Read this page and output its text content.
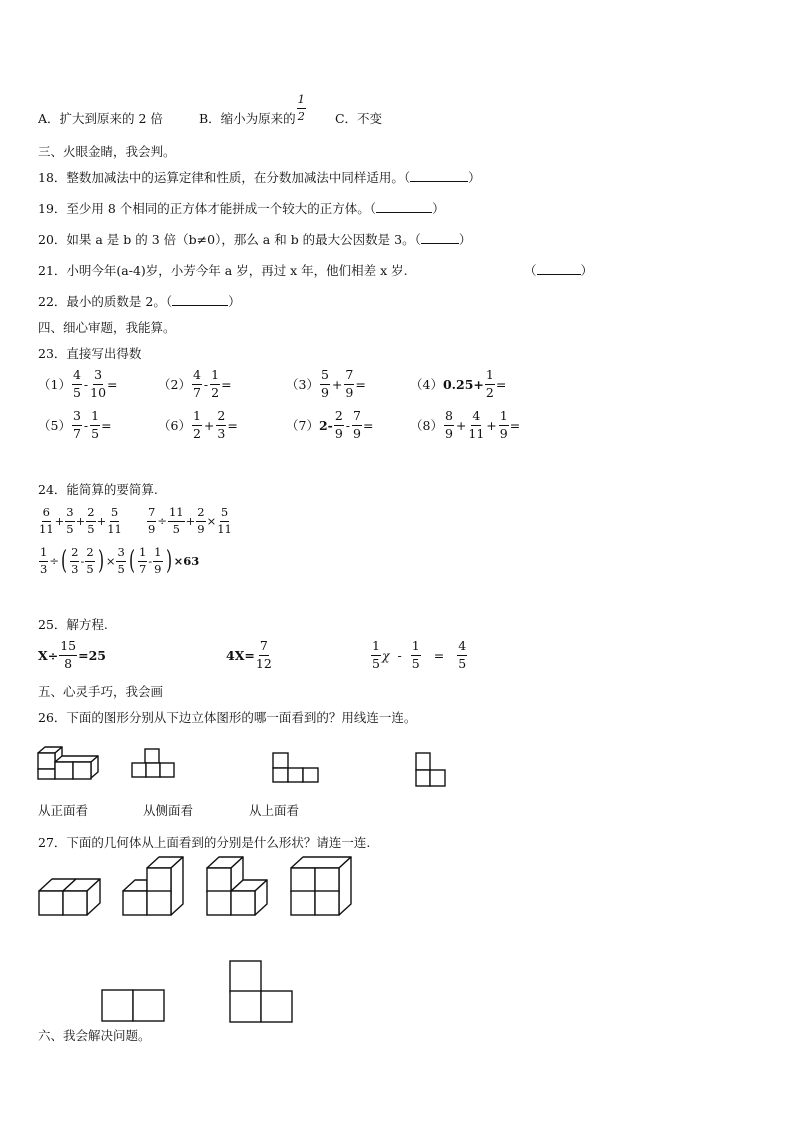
A．扩大到原来的 2 倍	B．缩小为原来的 $\frac{1}{2}$ C．不变
三、火眼金睛，我会判。
18．整数加减法中的运算定律和性质，在分数加减法中同样适用。（	）
19．至少用 8 个相同的正方体才能拼成一个较大的正方体。（	）
20．如果 a 是 b 的 3 倍（b≠0），那么 a 和 b 的最大公因数是 3。（	）
21．小明今年(a-4)岁，小芳今年 a 岁，再过 x 年，他们相差 x 岁.	（	）
22．最小的质数是 2。（	）
四、细心审题，我能算。
23．直接写出得数
$(1) \frac{4}{5} - \frac{3}{10}$ =	$(2) \frac{4}{7} - \frac{1}{2}$ =	$(3) \frac{5}{9} + \frac{7}{9}$ =	（4） $0.25+ \frac{1}{2}$ =
$(5) \frac{3}{7} - \frac{1}{5}$ =	$(6) \frac{1}{2} + \frac{2}{3}$ =	（7） $2- \frac{2}{9} - \frac{7}{9}$ =	$(8) \frac{8}{9} + \frac{4}{11} + \frac{1}{9}$ =
24．能简算的要简算.
$\frac{6}{11} + \frac{3}{5} + \frac{2}{5} + \frac{5}{11} \frac{7}{9} \div \frac{11}{5} + \frac{2}{9} \times \frac{5}{11}$
$\frac{1}{3}$ ÷ ( $\frac{2}{3} - \frac{2}{5}$ ) × $\frac{3}{5}$ ( $\frac{1}{7} - \frac{1}{9}$ ) ×63
25．解方程.
$X\div \frac{15}{8} =25$	$4X= \frac{7}{12}$	$\frac{1}{5}$ $\chi - \frac{1}{5} = \frac{4}{5}$
五、心灵手巧，我会画
26．下面的图形分别从下边立体图形的哪一面看到的？用线连一连。
从正面看	从侧面看	从上面看
27．下面的几何体从上面看到的分别是什么形状？请连一连.
六、我会解决问题。
